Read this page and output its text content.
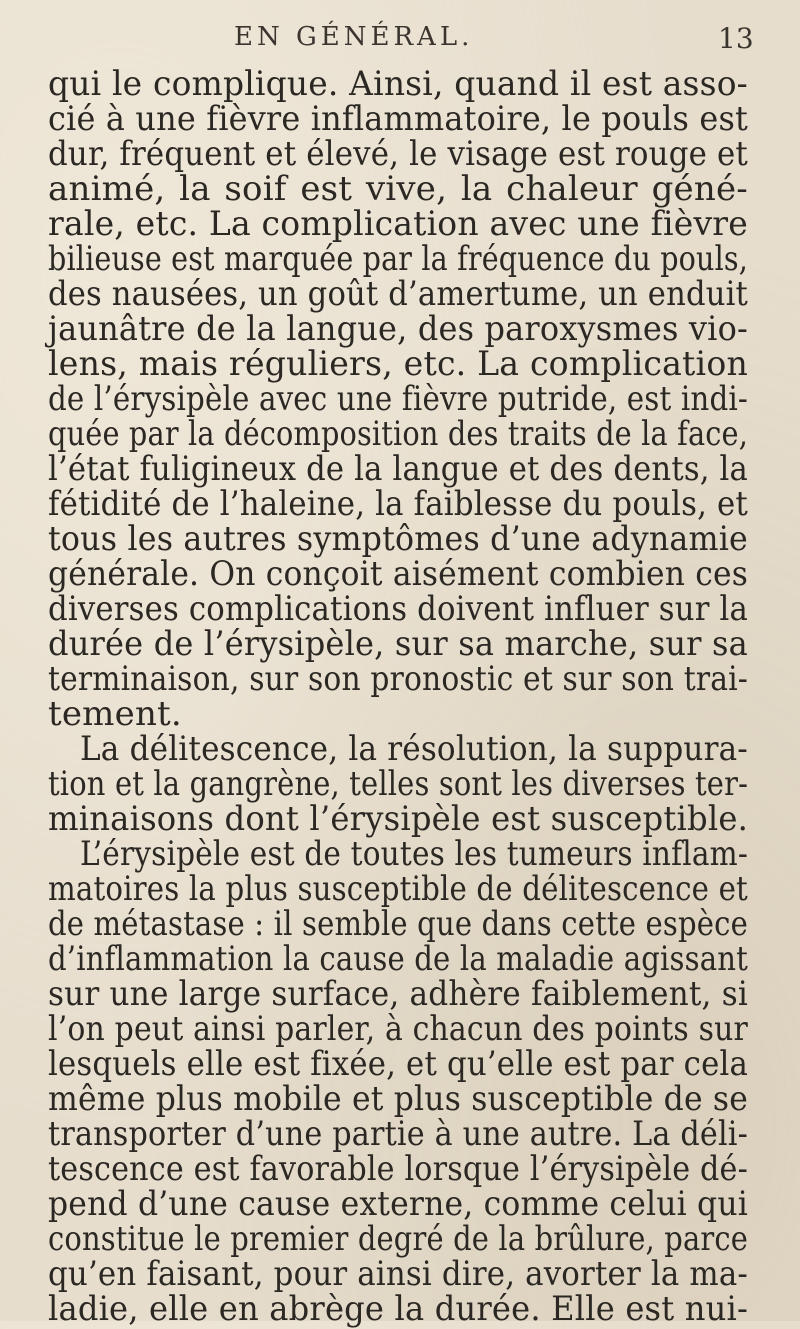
EN GÉNÉRAL.	13
qui le complique. Ainsi, quand il est asso-
cié à une fièvre inflammatoire, le pouls est
dur, fréquent et élevé, le visage est rouge et
animé, la soif est vive, la chaleur géné-
rale, etc. La complication avec une fièvre
bilieuse est marquée par la fréquence du pouls,
des nausées, un goût d’amertume, un enduit
jaunâtre de la langue, des paroxysmes vio-
lens, mais réguliers, etc. La complication
de l’érysipèle avec une fièvre putride, est indi-
quée par la décomposition des traits de la face,
l’état fuligineux de la langue et des dents, la
fétidité de l’haleine, la faiblesse du pouls, et
tous les autres symptômes d’une adynamie
générale. On conçoit aisément combien ces
diverses complications doivent influer sur la
durée de l’érysipèle, sur sa marche, sur sa
terminaison, sur son pronostic et sur son trai-
tement.
La délitescence, la résolution, la suppura-
tion et la gangrène, telles sont les diverses ter-
minaisons dont l’érysipèle est susceptible.
L’érysipèle est de toutes les tumeurs inflam-
matoires la plus susceptible de délitescence et
de métastase : il semble que dans cette espèce
d’inflammation la cause de la maladie agissant
sur une large surface, adhère faiblement, si
l’on peut ainsi parler, à chacun des points sur
lesquels elle est fixée, et qu’elle est par cela
même plus mobile et plus susceptible de se
transporter d’une partie à une autre. La déli-
tescence est favorable lorsque l’érysipèle dé-
pend d’une cause externe, comme celui qui
constitue le premier degré de la brûlure, parce
qu’en faisant, pour ainsi dire, avorter la ma-
ladie, elle en abrège la durée. Elle est nui-
